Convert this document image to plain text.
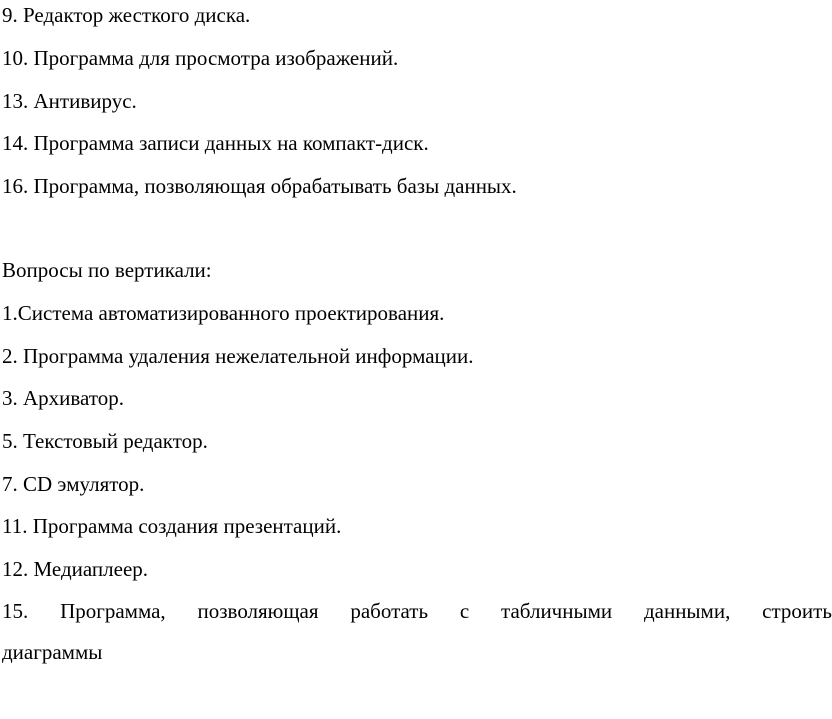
9. Редактор жесткого диска.
10. Программа для просмотра изображений.
13. Антивирус.
14. Программа записи данных на компакт-диск.
16. Программа, позволяющая обрабатывать базы данных.
Вопросы по вертикали:
1.Система автоматизированного проектирования.
2. Программа удаления нежелательной информации.
3. Архиватор.
5. Текстовый редактор.
7. CD эмулятор.
11. Программа создания презентаций.
12. Медиаплеер.
15. Программа, позволяющая работать с табличными данными, строить
диаграммы
